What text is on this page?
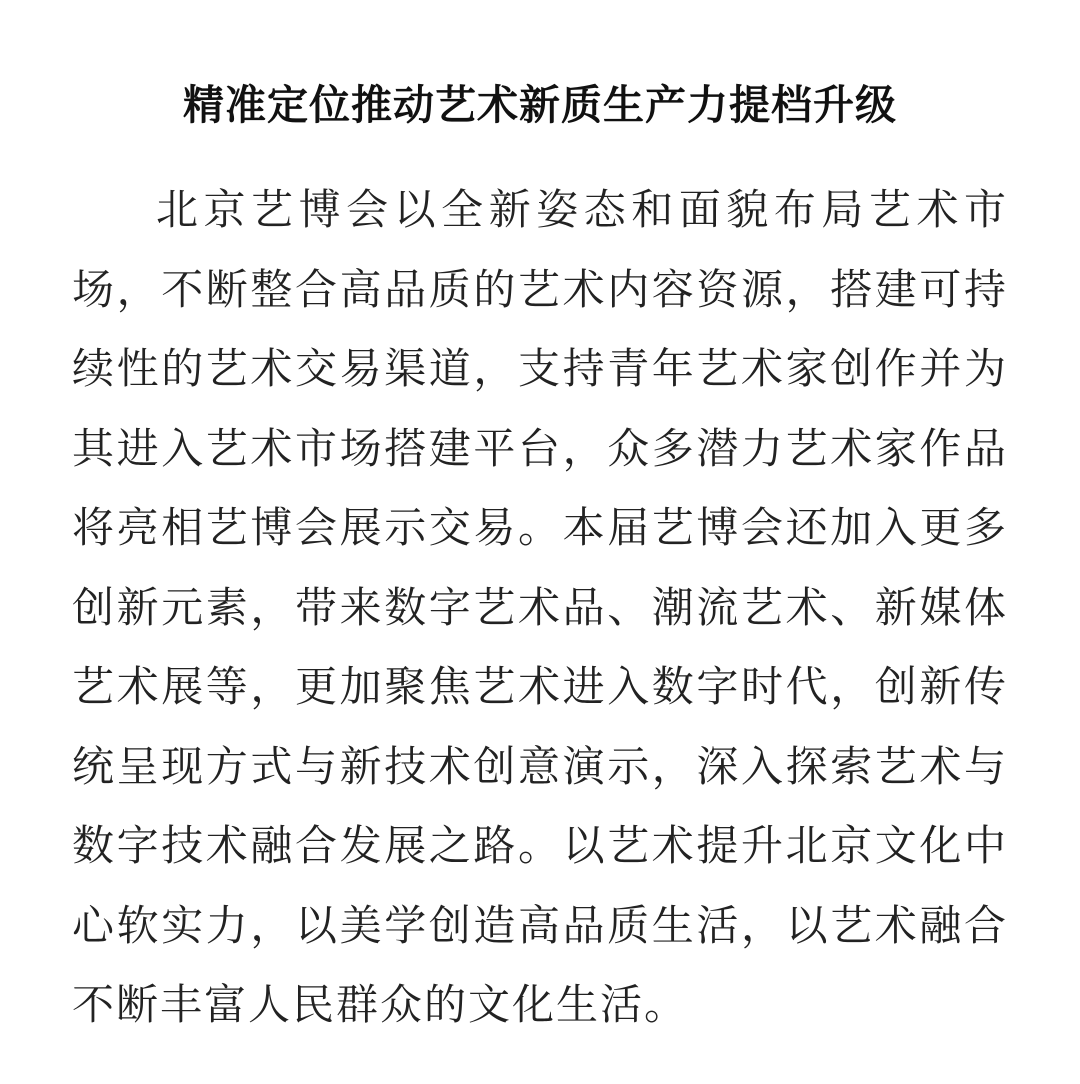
精准定位推动艺术新质生产力提档升级

北京艺博会以全新姿态和面貌布局艺术市场，不断整合高品质的艺术内容资源，搭建可持续性的艺术交易渠道，支持青年艺术家创作并为其进入艺术市场搭建平台，众多潜力艺术家作品将亮相艺博会展示交易。本届艺博会还加入更多创新元素，带来数字艺术品、潮流艺术、新媒体艺术展等，更加聚焦艺术进入数字时代，创新传统呈现方式与新技术创意演示，深入探索艺术与数字技术融合发展之路。以艺术提升北京文化中心软实力，以美学创造高品质生活，以艺术融合不断丰富人民群众的文化生活。
